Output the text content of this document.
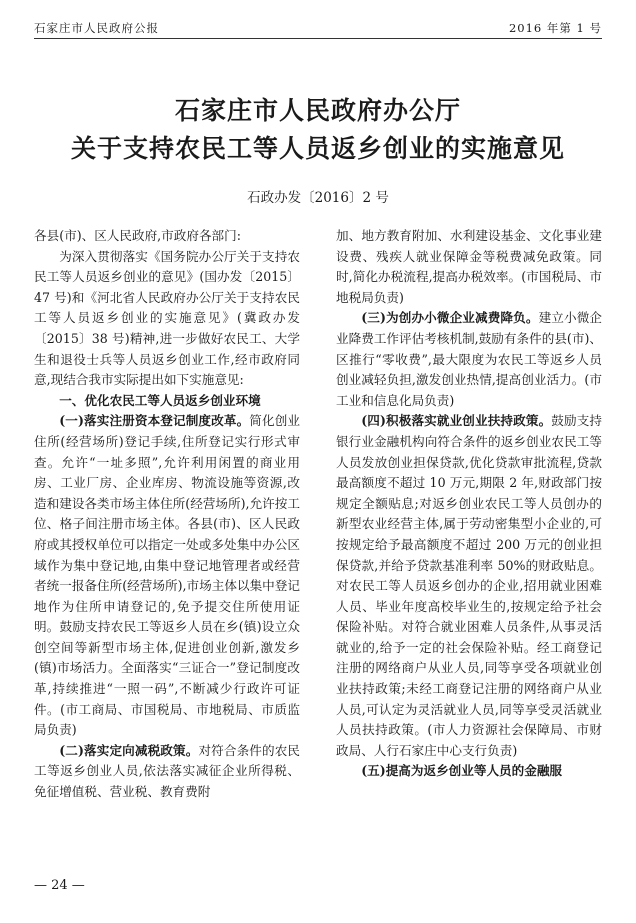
石家庄市人民政府公报	2016 年第 1 号
石家庄市人民政府办公厅
关于支持农民工等人员返乡创业的实施意见
石政办发〔2016〕2 号

各县(市)、区人民政府,市政府各部门:

为深入贯彻落实《国务院办公厅关于支持农民工等人员返乡创业的意见》(国办发〔2015〕47 号)和《河北省人民政府办公厅关于支持农民工等人员返乡创业的实施意见》(冀政办发〔2015〕38 号)精神,进一步做好农民工、大学生和退役士兵等人员返乡创业工作,经市政府同意,现结合我市实际提出如下实施意见:

一、优化农民工等人员返乡创业环境

(一)落实注册资本登记制度改革。简化创业住所(经营场所)登记手续,住所登记实行形式审查。允许“一址多照”,允许利用闲置的商业用房、工业厂房、企业库房、物流设施等资源,改造和建设各类市场主体住所(经营场所),允许按工位、格子间注册市场主体。各县(市)、区人民政府或其授权单位可以指定一处或多处集中办公区域作为集中登记地,由集中登记地管理者或经营者统一报备住所(经营场所),市场主体以集中登记地作为住所申请登记的,免予提交住所使用证明。鼓励支持农民工等返乡人员在乡(镇)设立众创空间等新型市场主体,促进创业创新,激发乡(镇)市场活力。全面落实“三证合一”登记制度改革,持续推进“一照一码”,不断减少行政许可证件。(市工商局、市国税局、市地税局、市质监局负责)

(二)落实定向减税政策。对符合条件的农民工等返乡创业人员,依法落实减征企业所得税、免征增值税、营业税、教育费附

加、地方教育附加、水利建设基金、文化事业建设费、残疾人就业保障金等税费减免政策。同时,简化办税流程,提高办税效率。(市国税局、市地税局负责)

(三)为创办小微企业减费降负。建立小微企业降费工作评估考核机制,鼓励有条件的县(市)、区推行“零收费”,最大限度为农民工等返乡人员创业减轻负担,激发创业热情,提高创业活力。(市工业和信息化局负责)

(四)积极落实就业创业扶持政策。鼓励支持银行业金融机构向符合条件的返乡创业农民工等人员发放创业担保贷款,优化贷款审批流程,贷款最高额度不超过 10 万元,期限 2 年,财政部门按规定全额贴息;对返乡创业农民工等人员创办的新型农业经营主体,属于劳动密集型小企业的,可按规定给予最高额度不超过 200 万元的创业担保贷款,并给予贷款基准利率 50%的财政贴息。对农民工等人员返乡创办的企业,招用就业困难人员、毕业年度高校毕业生的,按规定给予社会保险补贴。对符合就业困难人员条件,从事灵活就业的,给予一定的社会保险补贴。经工商登记注册的网络商户从业人员,同等享受各项就业创业扶持政策;未经工商登记注册的网络商户从业人员,可认定为灵活就业人员,同等享受灵活就业人员扶持政策。(市人力资源社会保障局、市财政局、人行石家庄中心支行负责)

(五)提高为返乡创业等人员的金融服

— 24 —
